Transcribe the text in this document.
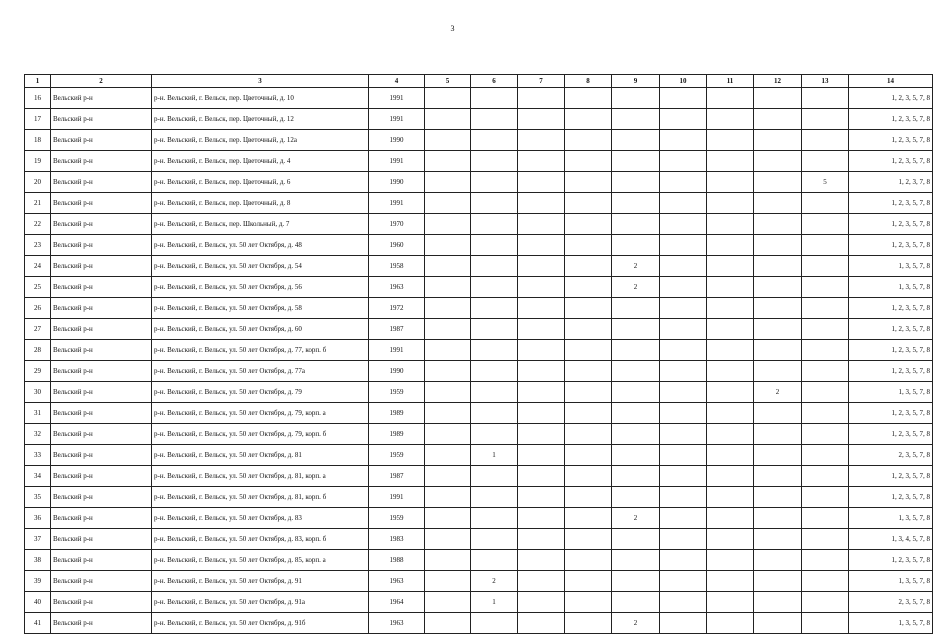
3
1	2	3	4	5	6	7	8	9	10	11	12	13	14
16	Вельский р-н	р-н. Вельский, г. Вельск, пер. Цветочный, д. 10	1991										1, 2, 3, 5, 7, 8
17	Вельский р-н	р-н. Вельский, г. Вельск, пер. Цветочный, д. 12	1991										1, 2, 3, 5, 7, 8
18	Вельский р-н	р-н. Вельский, г. Вельск, пер. Цветочный, д. 12а	1990										1, 2, 3, 5, 7, 8
19	Вельский р-н	р-н. Вельский, г. Вельск, пер. Цветочный, д. 4	1991										1, 2, 3, 5, 7, 8
20	Вельский р-н	р-н. Вельский, г. Вельск, пер. Цветочный, д. 6	1990									5	1, 2, 3, 7, 8
21	Вельский р-н	р-н. Вельский, г. Вельск, пер. Цветочный, д. 8	1991										1, 2, 3, 5, 7, 8
22	Вельский р-н	р-н. Вельский, г. Вельск, пер. Школьный, д. 7	1970										1, 2, 3, 5, 7, 8
23	Вельский р-н	р-н. Вельский, г. Вельск, ул. 50 лет Октября, д. 48	1960										1, 2, 3, 5, 7, 8
24	Вельский р-н	р-н. Вельский, г. Вельск, ул. 50 лет Октября, д. 54	1958					2					1, 3, 5, 7, 8
25	Вельский р-н	р-н. Вельский, г. Вельск, ул. 50 лет Октября, д. 56	1963					2					1, 3, 5, 7, 8
26	Вельский р-н	р-н. Вельский, г. Вельск, ул. 50 лет Октября, д. 58	1972										1, 2, 3, 5, 7, 8
27	Вельский р-н	р-н. Вельский, г. Вельск, ул. 50 лет Октября, д. 60	1987										1, 2, 3, 5, 7, 8
28	Вельский р-н	р-н. Вельский, г. Вельск, ул. 50 лет Октября, д. 77, корп. б	1991										1, 2, 3, 5, 7, 8
29	Вельский р-н	р-н. Вельский, г. Вельск, ул. 50 лет Октября, д. 77а	1990										1, 2, 3, 5, 7, 8
30	Вельский р-н	р-н. Вельский, г. Вельск, ул. 50 лет Октября, д. 79	1959								2		1, 3, 5, 7, 8
31	Вельский р-н	р-н. Вельский, г. Вельск, ул. 50 лет Октября, д. 79, корп. а	1989										1, 2, 3, 5, 7, 8
32	Вельский р-н	р-н. Вельский, г. Вельск, ул. 50 лет Октября, д. 79, корп. б	1989										1, 2, 3, 5, 7, 8
33	Вельский р-н	р-н. Вельский, г. Вельск, ул. 50 лет Октября, д. 81	1959		1								2, 3, 5, 7, 8
34	Вельский р-н	р-н. Вельский, г. Вельск, ул. 50 лет Октября, д. 81, корп. а	1987										1, 2, 3, 5, 7, 8
35	Вельский р-н	р-н. Вельский, г. Вельск, ул. 50 лет Октября, д. 81, корп. б	1991										1, 2, 3, 5, 7, 8
36	Вельский р-н	р-н. Вельский, г. Вельск, ул. 50 лет Октября, д. 83	1959					2					1, 3, 5, 7, 8
37	Вельский р-н	р-н. Вельский, г. Вельск, ул. 50 лет Октября, д. 83, корп. б	1983										1, 3, 4, 5, 7, 8
38	Вельский р-н	р-н. Вельский, г. Вельск, ул. 50 лет Октября, д. 85, корп. а	1988										1, 2, 3, 5, 7, 8
39	Вельский р-н	р-н. Вельский, г. Вельск, ул. 50 лет Октября, д. 91	1963		2								1, 3, 5, 7, 8
40	Вельский р-н	р-н. Вельский, г. Вельск, ул. 50 лет Октября, д. 91а	1964		1								2, 3, 5, 7, 8
41	Вельский р-н	р-н. Вельский, г. Вельск, ул. 50 лет Октября, д. 91б	1963					2					1, 3, 5, 7, 8
